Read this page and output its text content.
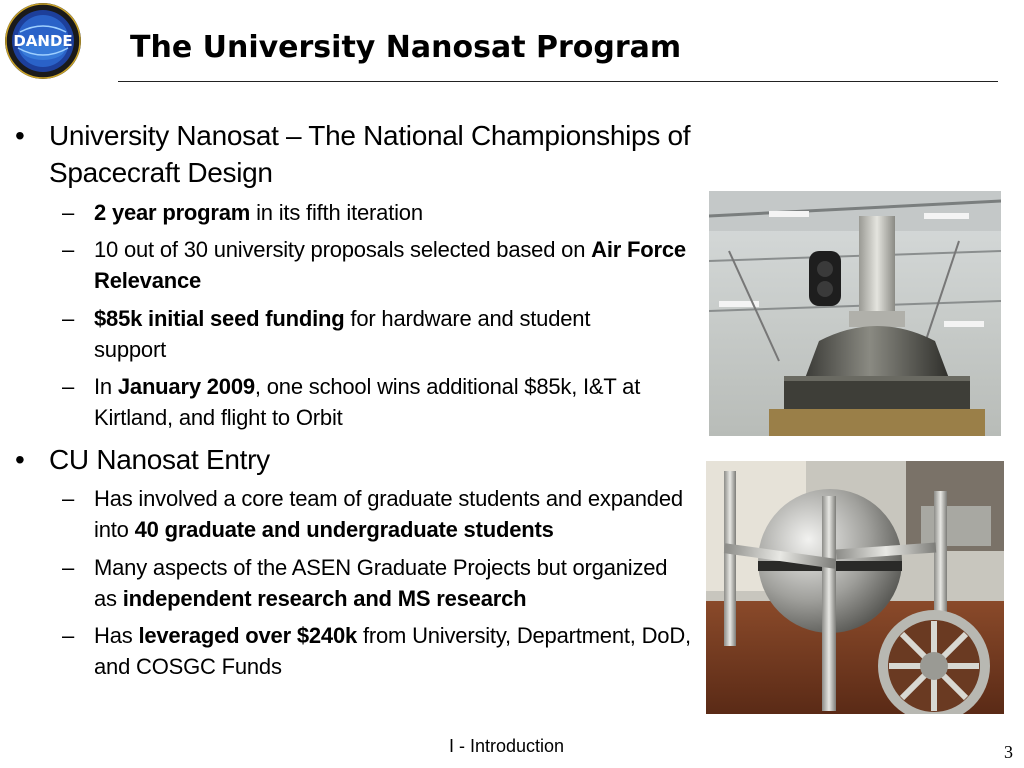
DANDE The University Nanosat Program
• University Nanosat – The National Championships of Spacecraft Design
– 2 year program in its fifth iteration
– 10 out of 30 university proposals selected based on Air Force Relevance
– $85k initial seed funding for hardware and student support
– In January 2009, one school wins additional $85k, I&T at Kirtland, and flight to Orbit
• CU Nanosat Entry
– Has involved a core team of graduate students and expanded into 40 graduate and undergraduate students
– Many aspects of the ASEN Graduate Projects but organized as independent research and MS research
– Has leveraged over $240k from University, Department, DoD, and COSGC Funds
I - Introduction	3
